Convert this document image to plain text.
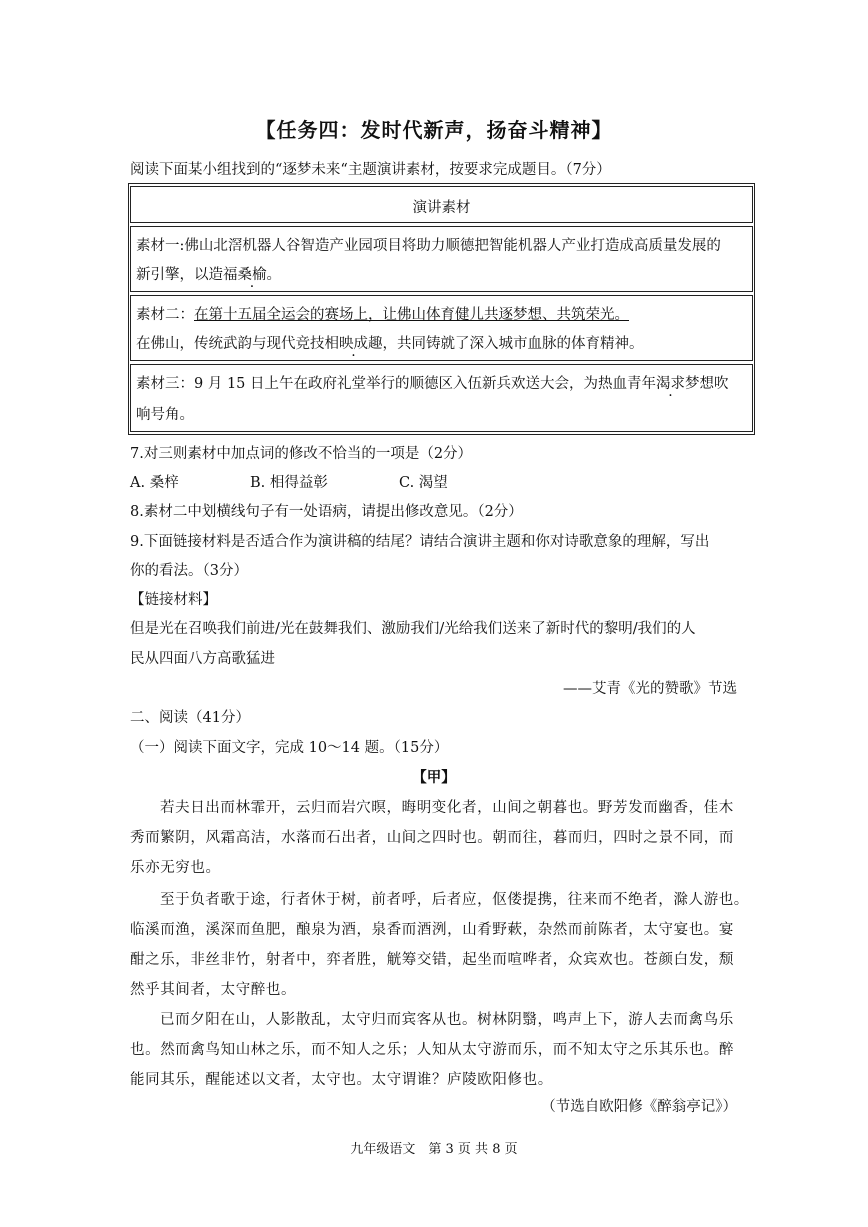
【任务四：发时代新声，扬奋斗精神】
阅读下面某小组找到的“逐梦未来“主题演讲素材，按要求完成题目。（7分）
演讲素材
素材一:佛山北滘机器人谷智造产业园项目将助力顺德把智能机器人产业打造成高质量发展的
新引擎，以造福桑榆。
素材二：在第十五届全运会的赛场上，让佛山体育健儿共逐梦想、共筑荣光。
在佛山，传统武韵与现代竞技相映成趣，共同铸就了深入城市血脉的体育精神。
素材三：9 月 15 日上午在政府礼堂举行的顺德区入伍新兵欢送大会，为热血青年渴求梦想吹
响号角。
7.对三则素材中加点词的修改不恰当的一项是（2分）
A. 桑梓	B. 相得益彰	C. 渴望
8.素材二中划横线句子有一处语病，请提出修改意见。（2分）
9.下面链接材料是否适合作为演讲稿的结尾？请结合演讲主题和你对诗歌意象的理解，写出
你的看法。（3分）
【链接材料】
但是光在召唤我们前进/光在鼓舞我们、激励我们/光给我们送来了新时代的黎明/我们的人
民从四面八方高歌猛进
——艾青《光的赞歌》节选
二、阅读（41分）
（一）阅读下面文字，完成 10～14 题。（15分）
【甲】
若夫日出而林霏开，云归而岩穴暝，晦明变化者，山间之朝暮也。野芳发而幽香，佳木
秀而繁阴，风霜高洁，水落而石出者，山间之四时也。朝而往，暮而归，四时之景不同，而
乐亦无穷也。
至于负者歌于途，行者休于树，前者呼，后者应，伛偻提携，往来而不绝者，滁人游也。
临溪而渔，溪深而鱼肥，酿泉为酒，泉香而酒洌，山肴野蔌，杂然而前陈者，太守宴也。宴
酣之乐，非丝非竹，射者中，弈者胜，觥筹交错，起坐而喧哗者，众宾欢也。苍颜白发，颓
然乎其间者，太守醉也。
已而夕阳在山，人影散乱，太守归而宾客从也。树林阴翳，鸣声上下，游人去而禽鸟乐
也。然而禽鸟知山林之乐，而不知人之乐；人知从太守游而乐，而不知太守之乐其乐也。醉
能同其乐，醒能述以文者，太守也。太守谓谁？庐陵欧阳修也。
（节选自欧阳修《醉翁亭记》）
九年级语文　第 3 页 共 8 页
